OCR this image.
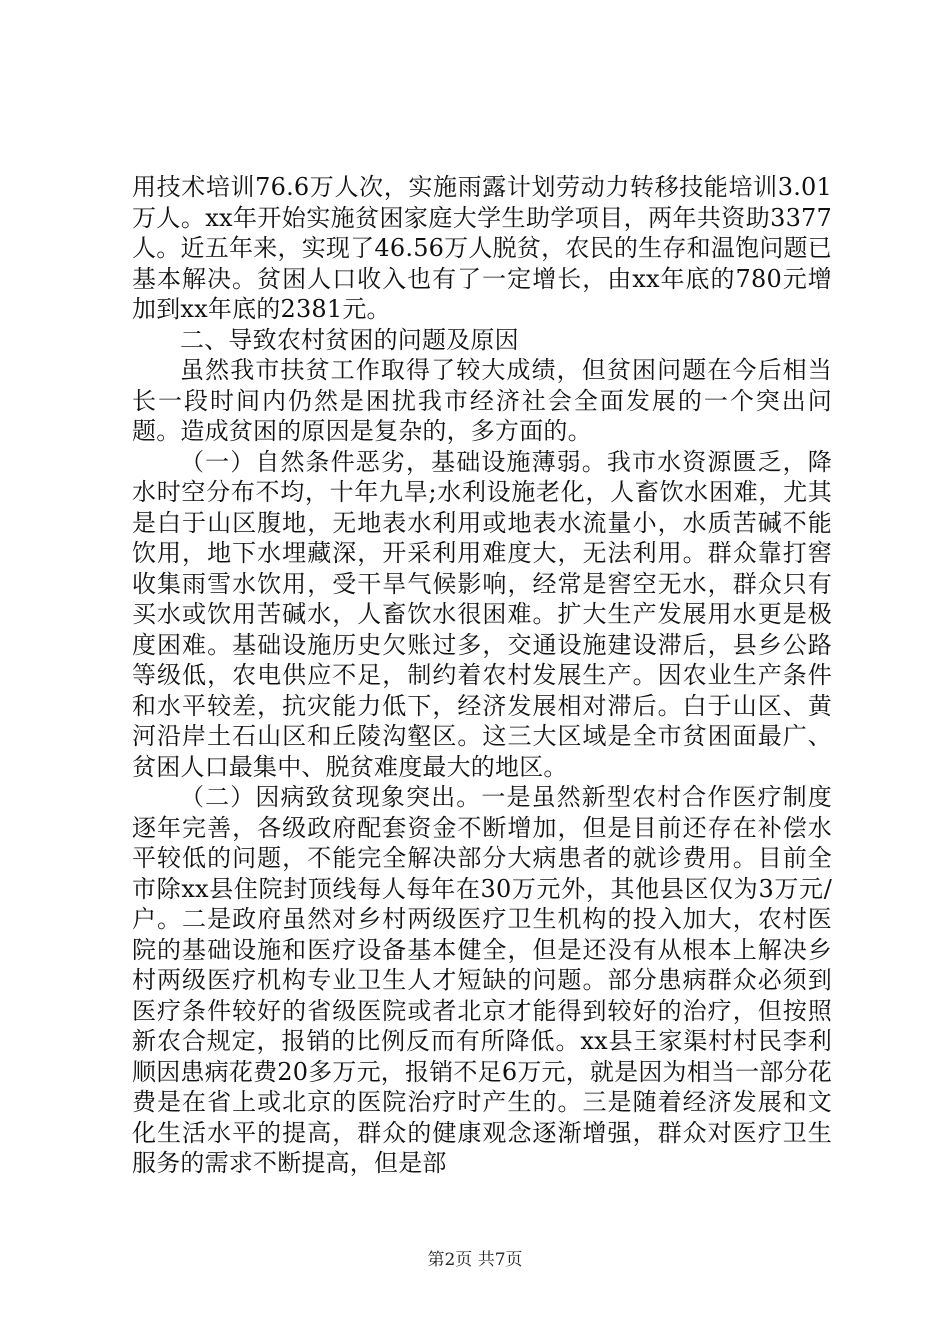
用技术培训76.6万人次，实施雨露计划劳动力转移技能培训3.01万人。xx年开始实施贫困家庭大学生助学项目，两年共资助3377人。近五年来，实现了46.56万人脱贫，农民的生存和温饱问题已基本解决。贫困人口收入也有了一定增长，由xx年底的780元增加到xx年底的2381元。

二、导致农村贫困的问题及原因

虽然我市扶贫工作取得了较大成绩，但贫困问题在今后相当长一段时间内仍然是困扰我市经济社会全面发展的一个突出问题。造成贫困的原因是复杂的，多方面的。

（一）自然条件恶劣，基础设施薄弱。我市水资源匮乏，降水时空分布不均，十年九旱;水利设施老化，人畜饮水困难，尤其是白于山区腹地，无地表水利用或地表水流量小，水质苦碱不能饮用，地下水埋藏深，开采利用难度大，无法利用。群众靠打窖收集雨雪水饮用，受干旱气候影响，经常是窖空无水，群众只有买水或饮用苦碱水，人畜饮水很困难。扩大生产发展用水更是极度困难。基础设施历史欠账过多，交通设施建设滞后，县乡公路等级低，农电供应不足，制约着农村发展生产。因农业生产条件和水平较差，抗灾能力低下，经济发展相对滞后。白于山区、黄河沿岸土石山区和丘陵沟壑区。这三大区域是全市贫困面最广、贫困人口最集中、脱贫难度最大的地区。

（二）因病致贫现象突出。一是虽然新型农村合作医疗制度逐年完善，各级政府配套资金不断增加，但是目前还存在补偿水平较低的问题，不能完全解决部分大病患者的就诊费用。目前全市除xx县住院封顶线每人每年在30万元外，其他县区仅为3万元/户。二是政府虽然对乡村两级医疗卫生机构的投入加大，农村医院的基础设施和医疗设备基本健全，但是还没有从根本上解决乡村两级医疗机构专业卫生人才短缺的问题。部分患病群众必须到医疗条件较好的省级医院或者北京才能得到较好的治疗，但按照新农合规定，报销的比例反而有所降低。xx县王家渠村村民李利顺因患病花费20多万元，报销不足6万元，就是因为相当一部分花费是在省上或北京的医院治疗时产生的。三是随着经济发展和文化生活水平的提高，群众的健康观念逐渐增强，群众对医疗卫生服务的需求不断提高，但是部

第2页 共7页
